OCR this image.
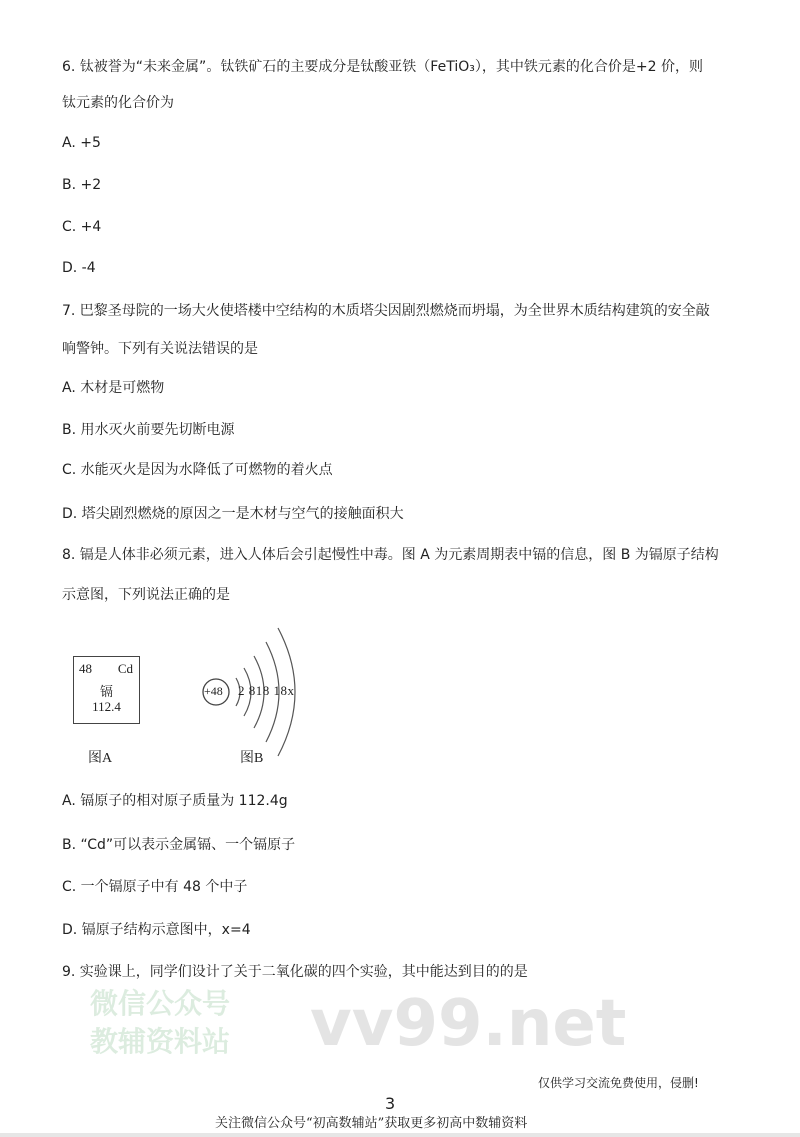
微信公众号
教辅资料站 vv99.net
6. 钛被誉为“未来金属”。钛铁矿石的主要成分是钛酸亚铁（FeTiO₃），其中铁元素的化合价是+2 价，则
钛元素的化合价为
A. +5
B. +2
C. +4
D. -4
7. 巴黎圣母院的一场大火使塔楼中空结构的木质塔尖因剧烈燃烧而坍塌，为全世界木质结构建筑的安全敲
响警钟。下列有关说法错误的是
A. 木材是可燃物
B. 用水灭火前要先切断电源
C. 水能灭火是因为水降低了可燃物的着火点
D. 塔尖剧烈燃烧的原因之一是木材与空气的接触面积大
8. 镉是人体非必须元素，进入人体后会引起慢性中毒。图 A 为元素周期表中镉的信息，图 B 为镉原子结构
示意图，下列说法正确的是
48 Cd
镉
112.4
图A
+48 2 818 18x
图B
A. 镉原子的相对原子质量为 112.4g
B. “Cd”可以表示金属镉、一个镉原子
C. 一个镉原子中有 48 个中子
D. 镉原子结构示意图中，x=4
9. 实验课上，同学们设计了关于二氧化碳的四个实验，其中能达到目的的是
仅供学习交流免费使用，侵删!
3
关注微信公众号“初高数辅站”获取更多初高中数辅资料
